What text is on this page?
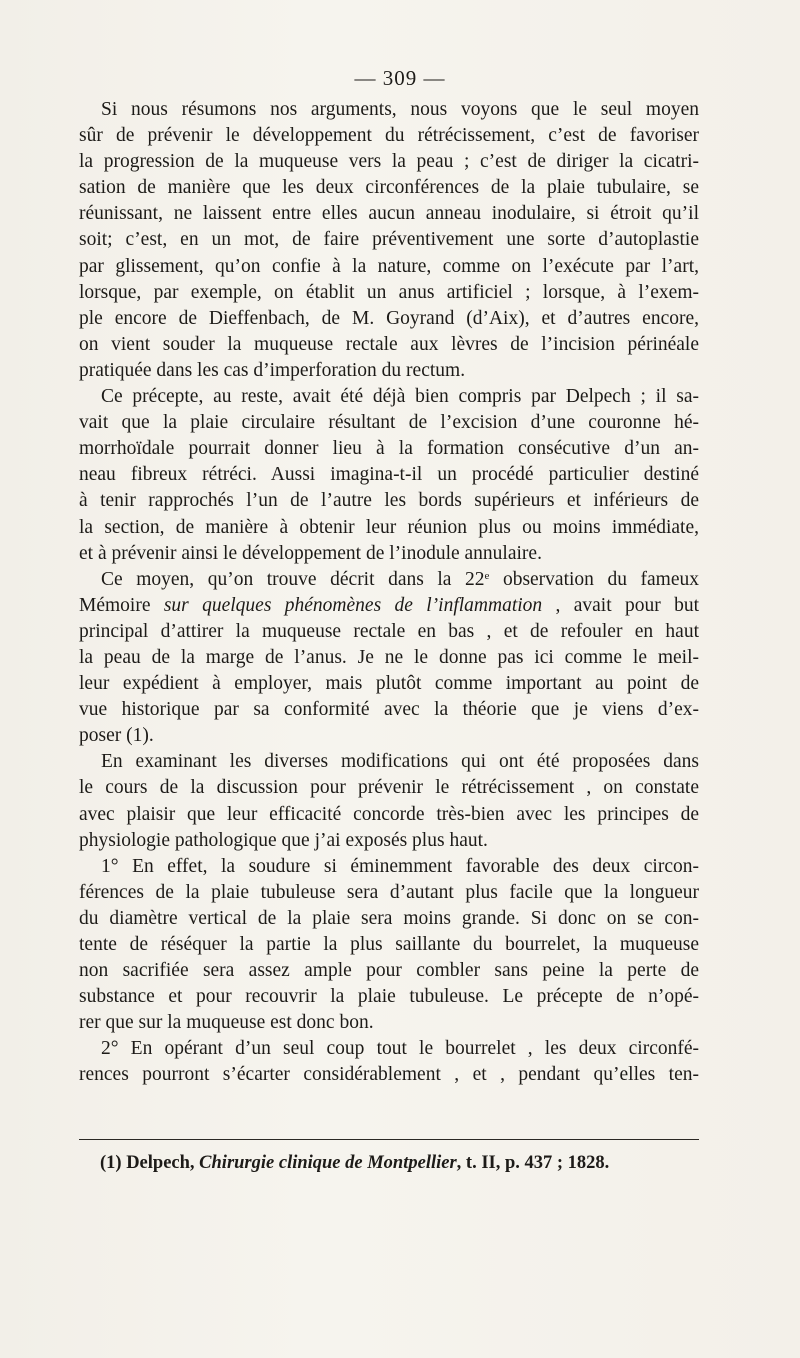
— 309 —
Si nous résumons nos arguments, nous voyons que le seul moyen
sûr de prévenir le développement du rétrécissement, c’est de favoriser
la progression de la muqueuse vers la peau ; c’est de diriger la cicatri-
sation de manière que les deux circonférences de la plaie tubulaire, se
réunissant, ne laissent entre elles aucun anneau inodulaire, si étroit qu’il
soit; c’est, en un mot, de faire préventivement une sorte d’autoplastie
par glissement, qu’on confie à la nature, comme on l’exécute par l’art,
lorsque, par exemple, on établit un anus artificiel ; lorsque, à l’exem-
ple encore de Dieffenbach, de M. Goyrand (d’Aix), et d’autres encore,
on vient souder la muqueuse rectale aux lèvres de l’incision périnéale
pratiquée dans les cas d’imperforation du rectum.
Ce précepte, au reste, avait été déjà bien compris par Delpech ; il sa-
vait que la plaie circulaire résultant de l’excision d’une couronne hé-
morrhoïdale pourrait donner lieu à la formation consécutive d’un an-
neau fibreux rétréci. Aussi imagina-t-il un procédé particulier destiné
à tenir rapprochés l’un de l’autre les bords supérieurs et inférieurs de
la section, de manière à obtenir leur réunion plus ou moins immédiate,
et à prévenir ainsi le développement de l’inodule annulaire.
Ce moyen, qu’on trouve décrit dans la 22e observation du fameux
Mémoire sur quelques phénomènes de l’inflammation , avait pour but
principal d’attirer la muqueuse rectale en bas , et de refouler en haut
la peau de la marge de l’anus. Je ne le donne pas ici comme le meil-
leur expédient à employer, mais plutôt comme important au point de
vue historique par sa conformité avec la théorie que je viens d’ex-
poser (1).
En examinant les diverses modifications qui ont été proposées dans
le cours de la discussion pour prévenir le rétrécissement , on constate
avec plaisir que leur efficacité concorde très-bien avec les principes de
physiologie pathologique que j’ai exposés plus haut.
1° En effet, la soudure si éminemment favorable des deux circon-
férences de la plaie tubuleuse sera d’autant plus facile que la longueur
du diamètre vertical de la plaie sera moins grande. Si donc on se con-
tente de réséquer la partie la plus saillante du bourrelet, la muqueuse
non sacrifiée sera assez ample pour combler sans peine la perte de
substance et pour recouvrir la plaie tubuleuse. Le précepte de n’opé-
rer que sur la muqueuse est donc bon.
2° En opérant d’un seul coup tout le bourrelet , les deux circonfé-
rences pourront s’écarter considérablement , et , pendant qu’elles ten-
(1) Delpech, Chirurgie clinique de Montpellier, t. II, p. 437 ; 1828.
